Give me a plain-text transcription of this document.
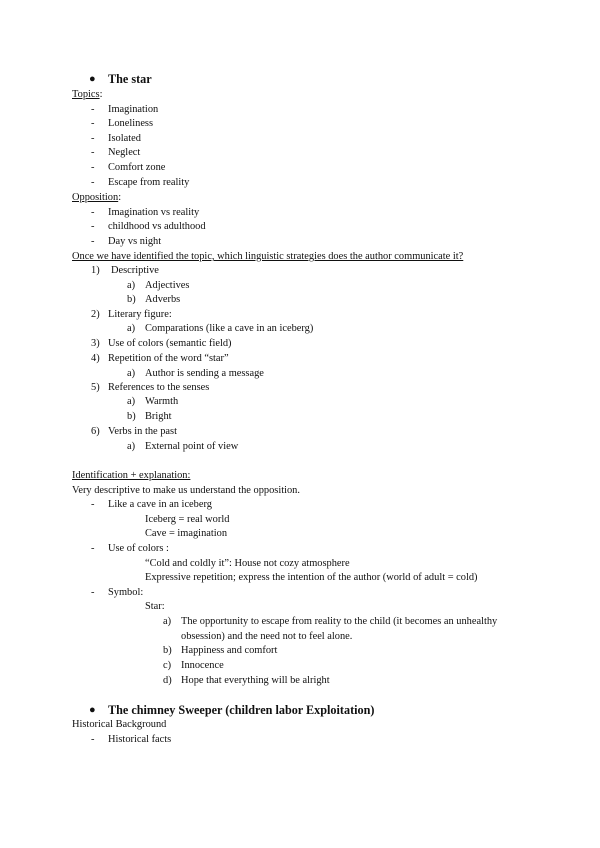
● The star
Topics:
- Imagination
- Loneliness
- Isolated
- Neglect
- Comfort zone
- Escape from reality
Opposition:
- Imagination vs reality
- childhood vs adulthood
- Day vs night
Once we have identified the topic, which linguistic strategies does the author communicate it?
1) Descriptive
a) Adjectives
b) Adverbs
2) Literary figure:
a) Comparations (like a cave in an iceberg)
3) Use of colors (semantic field)
4) Repetition of the word “star”
a) Author is sending a message
5) References to the senses
a) Warmth
b) Bright
6) Verbs in the past
a) External point of view
Identification + explanation:
Very descriptive to make us understand the opposition.
- Like a cave in an iceberg
Iceberg = real world
Cave = imagination
- Use of colors :
“Cold and coldly it”: House not cozy atmosphere
Expressive repetition; express the intention of the author (world of adult = cold)
- Symbol:
Star:
a) The opportunity to escape from reality to the child (it becomes an unhealthy
obsession) and the need not to feel alone.
b) Happiness and comfort
c) Innocence
d) Hope that everything will be alright
● The chimney Sweeper (children labor Exploitation)
Historical Background
- Historical facts
